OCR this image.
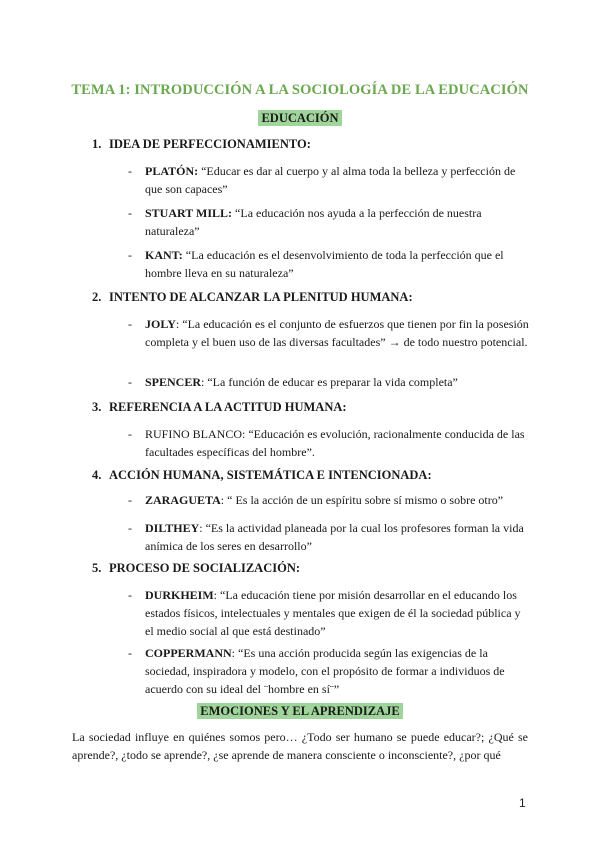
TEMA 1: INTRODUCCIÓN A LA SOCIOLOGÍA DE LA EDUCACIÓN
EDUCACIÓN
1. IDEA DE PERFECCIONAMIENTO:
- PLATÓN: “Educar es dar al cuerpo y al alma toda la belleza y perfección de que son capaces”
- STUART MILL: “La educación nos ayuda a la perfección de nuestra naturaleza”
- KANT: “La educación es el desenvolvimiento de toda la perfección que el hombre lleva en su naturaleza”
2. INTENTO DE ALCANZAR LA PLENITUD HUMANA:
- JOLY: “La educación es el conjunto de esfuerzos que tienen por fin la posesión completa y el buen uso de las diversas facultades” → de todo nuestro potencial.
- SPENCER: “La función de educar es preparar la vida completa”
3. REFERENCIA A LA ACTITUD HUMANA:
- RUFINO BLANCO: “Educación es evolución, racionalmente conducida de las facultades específicas del hombre”.
4. ACCIÓN HUMANA, SISTEMÁTICA E INTENCIONADA:
- ZARAGUETA: “ Es la acción de un espíritu sobre sí mismo o sobre otro”
- DILTHEY: “Es la actividad planeada por la cual los profesores forman la vida anímica de los seres en desarrollo”
5. PROCESO DE SOCIALIZACIÓN:
- DURKHEIM: “La educación tiene por misión desarrollar en el educando los estados físicos, intelectuales y mentales que exigen de él la sociedad pública y el medio social al que está destinado”
- COPPERMANN: “Es una acción producida según las exigencias de la sociedad, inspiradora y modelo, con el propósito de formar a individuos de acuerdo con su ideal del ¨hombre en sí¨”
EMOCIONES Y EL APRENDIZAJE
La sociedad influye en quiénes somos pero… ¿Todo ser humano se puede educar?; ¿Qué se aprende?, ¿todo se aprende?, ¿se aprende de manera consciente o inconsciente?, ¿por qué
1
